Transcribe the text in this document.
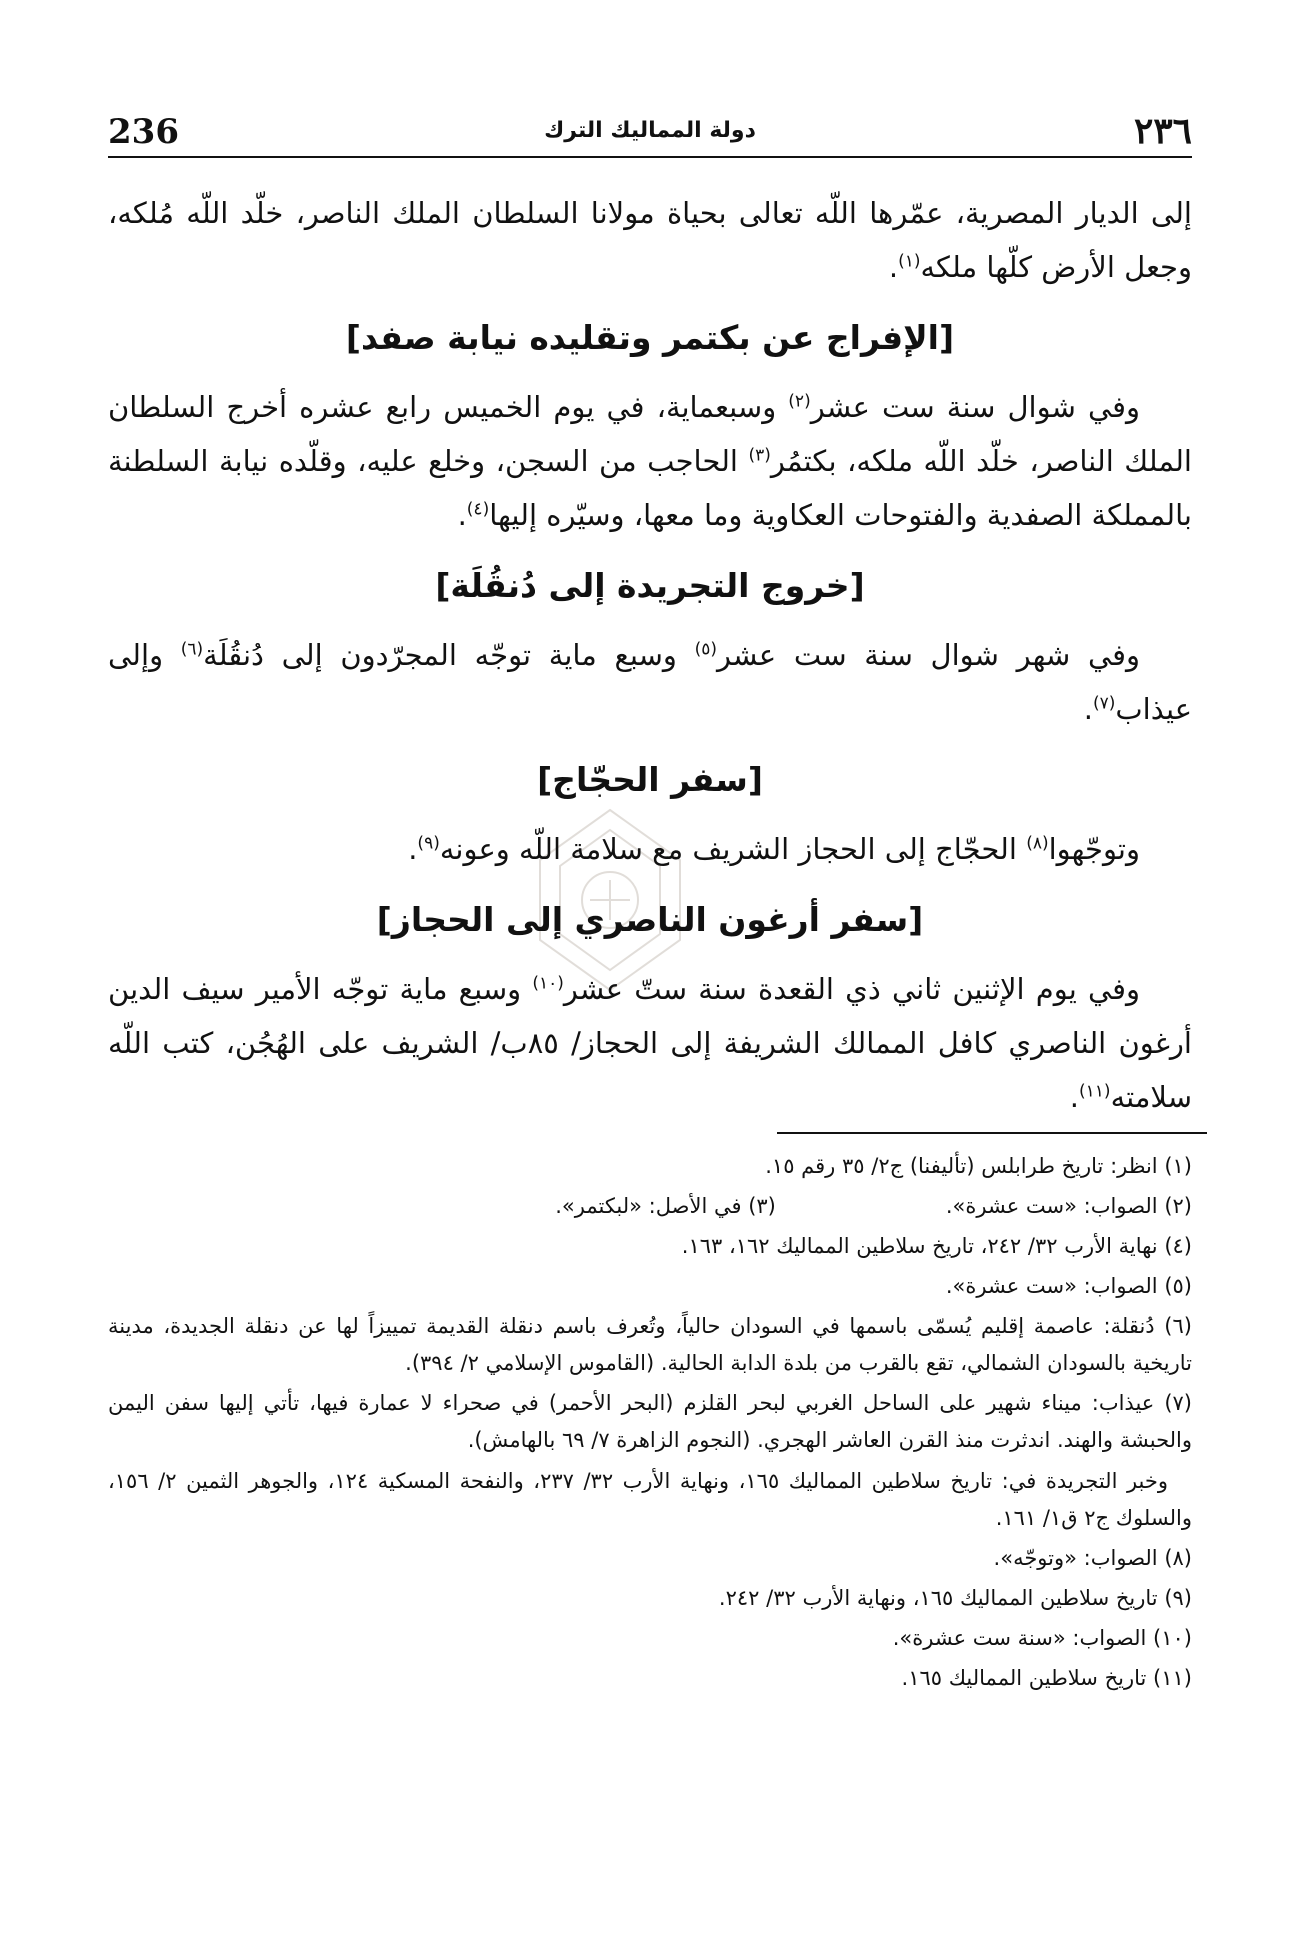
236	دولة المماليك الترك	٢٣٦

إلى الديار المصرية، عمّرها اللّه تعالى بحياة مولانا السلطان الملك الناصر، خلّد اللّه مُلكه، وجعل الأرض كلّها ملكه$^{(١)}$.

[الإفراج عن بكتمر وتقليده نيابة صفد]

وفي شوال سنة ست عشر$^{(٢)}$ وسبعماية، في يوم الخميس رابع عشره أخرج السلطان الملك الناصر، خلّد اللّه ملكه، بكتمُر$^{(٣)}$ الحاجب من السجن، وخلع عليه، وقلّده نيابة السلطنة بالمملكة الصفدية والفتوحات العكاوية وما معها، وسيّره إليها$^{(٤)}$.

[خروج التجريدة إلى دُنقُلَة]

وفي شهر شوال سنة ست عشر$^{(٥)}$ وسبع ماية توجّه المجرّدون إلى دُنقُلَة$^{(٦)}$ وإلى عيذاب$^{(٧)}$.

[سفر الحجّاج]

وتوجّهوا$^{(٨)}$ الحجّاج إلى الحجاز الشريف مع سلامة اللّه وعونه$^{(٩)}$.

[سفر أرغون الناصري إلى الحجاز]

وفي يوم الإثنين ثاني ذي القعدة سنة ستّ عشر$^{(١٠)}$ وسبع ماية توجّه الأمير سيف الدين أرغون الناصري كافل الممالك الشريفة إلى الحجاز/ ٨٥ب/ الشريف على الهُجُن، كتب اللّه سلامته$^{(١١)}$.

(١) انظر: تاريخ طرابلس (تأليفنا) ج٢/ ٣٥ رقم ١٥.

(٢) الصواب: «ست عشرة».
(٣) في الأصل: «لبكتمر».

(٤) نهاية الأرب ٣٢/ ٢٤٢، تاريخ سلاطين المماليك ١٦٢، ١٦٣.

(٥) الصواب: «ست عشرة».

(٦) دُنقلة: عاصمة إقليم يُسمّى باسمها في السودان حالياً، وتُعرف باسم دنقلة القديمة تمييزاً لها عن دنقلة الجديدة، مدينة تاريخية بالسودان الشمالي، تقع بالقرب من بلدة الدابة الحالية. (القاموس الإسلامي ٢/ ٣٩٤).

(٧) عيذاب: ميناء شهير على الساحل الغربي لبحر القلزم (البحر الأحمر) في صحراء لا عمارة فيها، تأتي إليها سفن اليمن والحبشة والهند. اندثرت منذ القرن العاشر الهجري. (النجوم الزاهرة ٧/ ٦٩ بالهامش).

وخبر التجريدة في: تاريخ سلاطين المماليك ١٦٥، ونهاية الأرب ٣٢/ ٢٣٧، والنفحة المسكية ١٢٤، والجوهر الثمين ٢/ ١٥٦، والسلوك ج٢ ق١/ ١٦١.

(٨) الصواب: «وتوجّه».

(٩) تاريخ سلاطين المماليك ١٦٥، ونهاية الأرب ٣٢/ ٢٤٢.

(١٠) الصواب: «سنة ست عشرة».

(١١) تاريخ سلاطين المماليك ١٦٥.
